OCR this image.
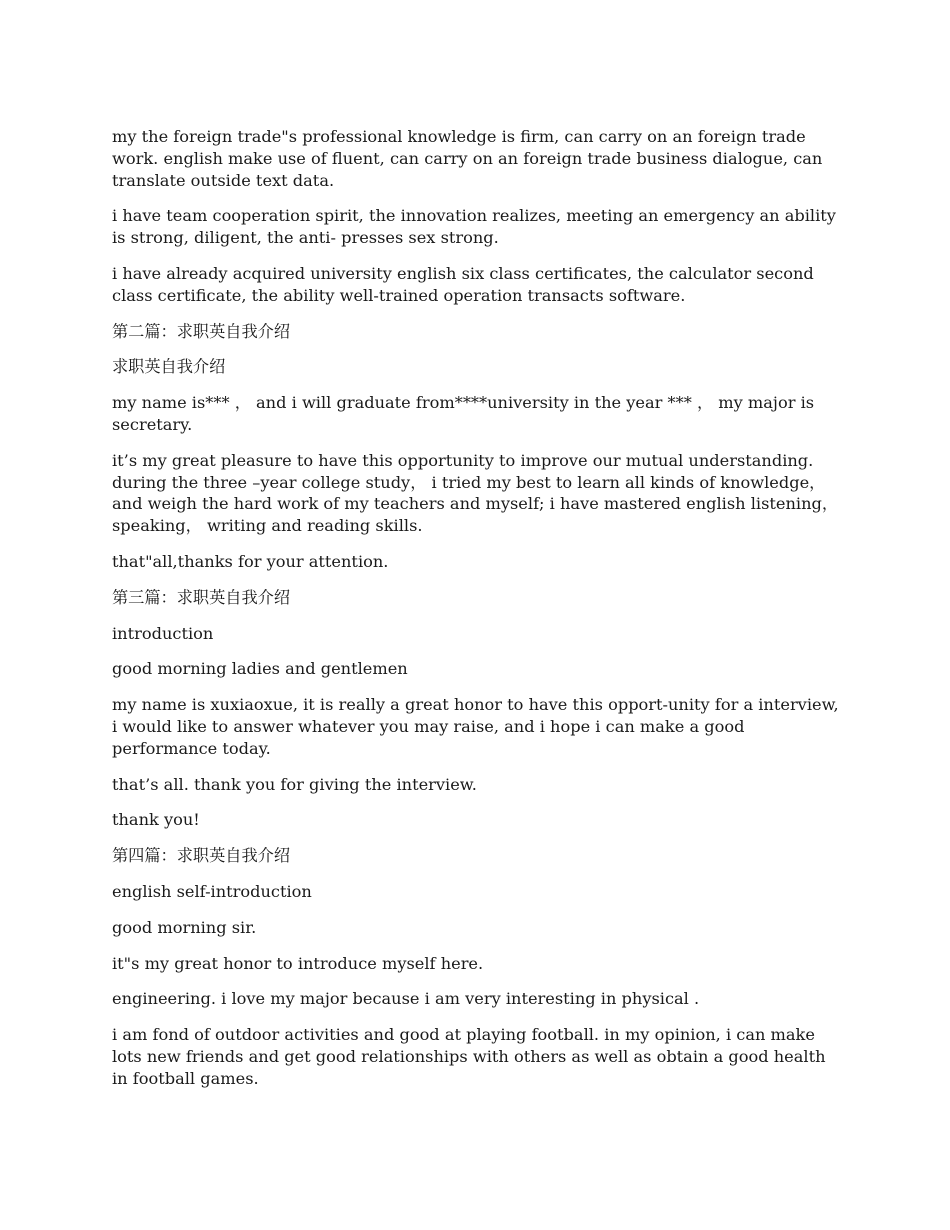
my the foreign trade"s professional knowledge is firm, can carry on an foreign trade work. english make use of fluent, can carry on an foreign trade business dialogue, can translate outside text data.

i have team cooperation spirit, the innovation realizes, meeting an emergency an ability is strong, diligent, the anti- presses sex strong.

i have already acquired university english six class certificates, the calculator second class certificate, the ability well-trained operation transacts software.

第二篇：求职英自我介绍

求职英自我介绍

my name is*** ， and i will graduate from****university in the year *** ， my major is secretary.

it’s my great pleasure to have this opportunity to improve our mutual understanding. during the three –year college study， i tried my best to learn all kinds of knowledge， and weigh the hard work of my teachers and myself; i have mastered english listening， speaking， writing and reading skills.

that"all,thanks for your attention.

第三篇：求职英自我介绍

introduction

good morning ladies and gentlemen

my name is xuxiaoxue, it is really a great honor to have this opport-unity for a interview, i would like to answer whatever you may raise, and i hope i can make a good performance today.

that’s all. thank you for giving the interview.

thank you!

第四篇：求职英自我介绍

english self-introduction

good morning sir.

it"s my great honor to introduce myself here.

engineering. i love my major because i am very interesting in physical .

i am fond of outdoor activities and good at playing football. in my opinion, i can make lots new friends and get good relationships with others as well as obtain a good health in football games.
